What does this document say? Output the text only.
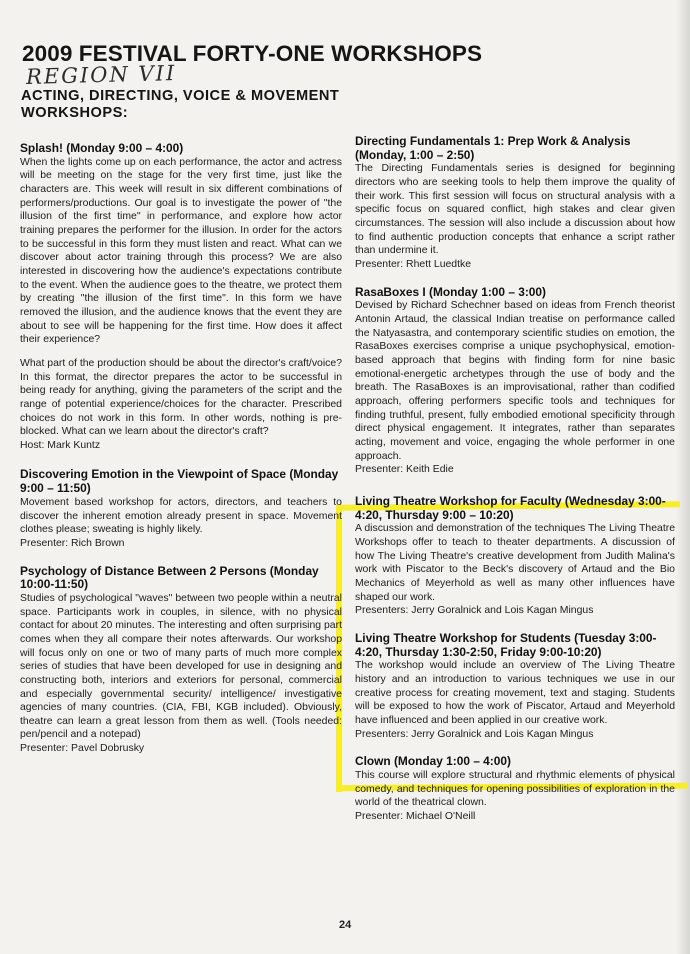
2009 FESTIVAL FORTY-ONE WORKSHOPS
REGION VII
ACTING, DIRECTING, VOICE & MOVEMENT WORKSHOPS:
Splash! (Monday 9:00 – 4:00)

When the lights come up on each performance, the actor and actress will be meeting on the stage for the very first time, just like the characters are. This week will result in six different combinations of performers/productions. Our goal is to investigate the power of "the illusion of the first time" in performance, and explore how actor training prepares the performer for the illusion. In order for the actors to be successful in this form they must listen and react. What can we discover about actor training through this process? We are also interested in discovering how the audience's expectations contribute to the event. When the audience goes to the theatre, we protect them by creating "the illusion of the first time". In this form we have removed the illusion, and the audience knows that the event they are about to see will be happening for the first time. How does it affect their experience?

What part of the production should be about the director's craft/voice? In this format, the director prepares the actor to be successful in being ready for anything, giving the parameters of the script and the range of potential experience/choices for the character. Prescribed choices do not work in this form. In other words, nothing is pre-blocked. What can we learn about the director's craft?

Host: Mark Kuntz
Discovering Emotion in the Viewpoint of Space (Monday 9:00 – 11:50)

Movement based workshop for actors, directors, and teachers to discover the inherent emotion already present in space. Movement clothes please; sweating is highly likely.

Presenter: Rich Brown
Psychology of Distance Between 2 Persons (Monday 10:00-11:50)

Studies of psychological "waves" between two people within a neutral space. Participants work in couples, in silence, with no physical contact for about 20 minutes. The interesting and often surprising part comes when they all compare their notes afterwards. Our workshop will focus only on one or two of many parts of much more complex series of studies that have been developed for use in designing and constructing both, interiors and exteriors for personal, commercial and especially governmental security/ intelligence/ investigative agencies of many countries. (CIA, FBI, KGB included). Obviously, theatre can learn a great lesson from them as well. (Tools needed: pen/pencil and a notepad)

Presenter: Pavel Dobrusky
Directing Fundamentals 1: Prep Work & Analysis (Monday, 1:00 – 2:50)

The Directing Fundamentals series is designed for beginning directors who are seeking tools to help them improve the quality of their work. This first session will focus on structural analysis with a specific focus on squared conflict, high stakes and clear given circumstances. The session will also include a discussion about how to find authentic production concepts that enhance a script rather than undermine it.

Presenter: Rhett Luedtke
RasaBoxes I (Monday 1:00 – 3:00)

Devised by Richard Schechner based on ideas from French theorist Antonin Artaud, the classical Indian treatise on performance called the Natyasastra, and contemporary scientific studies on emotion, the RasaBoxes exercises comprise a unique psychophysical, emotion-based approach that begins with finding form for nine basic emotional-energetic archetypes through the use of body and the breath. The RasaBoxes is an improvisational, rather than codified approach, offering performers specific tools and techniques for finding truthful, present, fully embodied emotional specificity through direct physical engagement. It integrates, rather than separates acting, movement and voice, engaging the whole performer in one approach.

Presenter: Keith Edie
Living Theatre Workshop for Faculty (Wednesday 3:00-4:20, Thursday 9:00 – 10:20)

A discussion and demonstration of the techniques The Living Theatre Workshops offer to teach to theater departments. A discussion of how The Living Theatre's creative development from Judith Malina's work with Piscator to the Beck's discovery of Artaud and the Bio Mechanics of Meyerhold as well as many other influences have shaped our work.

Presenters: Jerry Goralnick and Lois Kagan Mingus
Living Theatre Workshop for Students (Tuesday 3:00-4:20, Thursday 1:30-2:50, Friday 9:00-10:20)

The workshop would include an overview of The Living Theatre history and an introduction to various techniques we use in our creative process for creating movement, text and staging. Students will be exposed to how the work of Piscator, Artaud and Meyerhold have influenced and been applied in our creative work.

Presenters: Jerry Goralnick and Lois Kagan Mingus
Clown (Monday 1:00 – 4:00)

This course will explore structural and rhythmic elements of physical comedy, and techniques for opening possibilities of exploration in the world of the theatrical clown.

Presenter: Michael O'Neill
24
